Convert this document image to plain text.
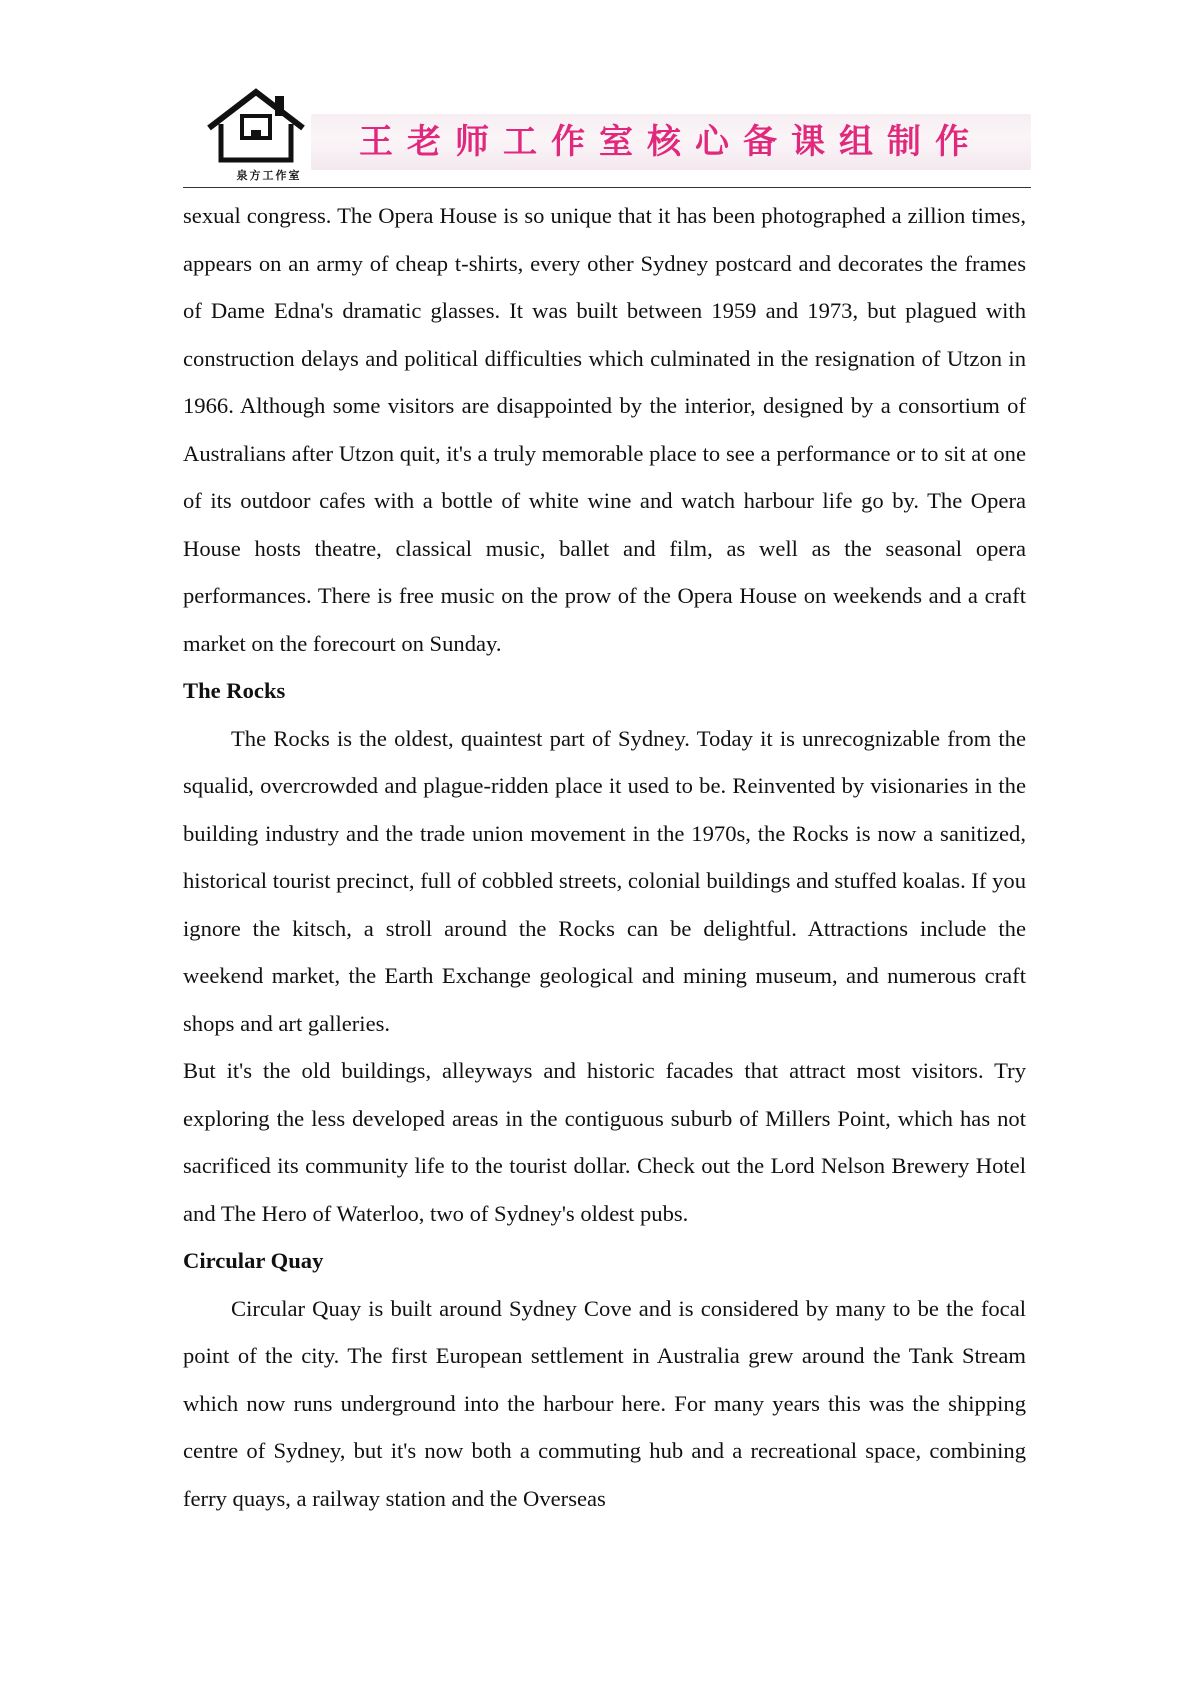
泉方工作室
王老师工作室核心备课组制作

sexual congress. The Opera House is so unique that it has been photographed a zillion times, appears on an army of cheap t-shirts, every other Sydney postcard and decorates the frames of Dame Edna's dramatic glasses. It was built between 1959 and 1973, but plagued with construction delays and political difficulties which culminated in the resignation of Utzon in 1966. Although some visitors are disappointed by the interior, designed by a consortium of Australians after Utzon quit, it's a truly memorable place to see a performance or to sit at one of its outdoor cafes with a bottle of white wine and watch harbour life go by. The Opera House hosts theatre, classical music, ballet and film, as well as the seasonal opera performances. There is free music on the prow of the Opera House on weekends and a craft market on the forecourt on Sunday.

The Rocks

The Rocks is the oldest, quaintest part of Sydney. Today it is unrecognizable from the squalid, overcrowded and plague-ridden place it used to be. Reinvented by visionaries in the building industry and the trade union movement in the 1970s, the Rocks is now a sanitized, historical tourist precinct, full of cobbled streets, colonial buildings and stuffed koalas. If you ignore the kitsch, a stroll around the Rocks can be delightful. Attractions include the weekend market, the Earth Exchange geological and mining museum, and numerous craft shops and art galleries.

But it's the old buildings, alleyways and historic facades that attract most visitors. Try exploring the less developed areas in the contiguous suburb of Millers Point, which has not sacrificed its community life to the tourist dollar. Check out the Lord Nelson Brewery Hotel and The Hero of Waterloo, two of Sydney's oldest pubs.

Circular Quay

Circular Quay is built around Sydney Cove and is considered by many to be the focal point of the city. The first European settlement in Australia grew around the Tank Stream which now runs underground into the harbour here. For many years this was the shipping centre of Sydney, but it's now both a commuting hub and a recreational space, combining ferry quays, a railway station and the Overseas
